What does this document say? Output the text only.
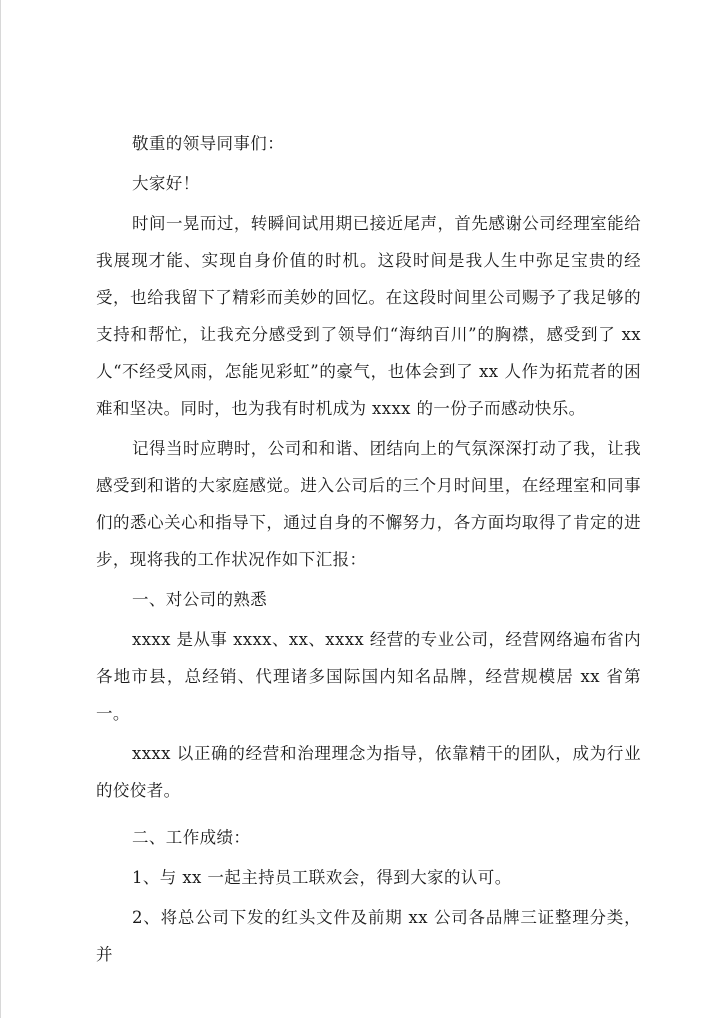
敬重的领导同事们：

大家好！

时间一晃而过，转瞬间试用期已接近尾声，首先感谢公司经理室能给我展现才能、实现自身价值的时机。这段时间是我人生中弥足宝贵的经受，也给我留下了精彩而美妙的回忆。在这段时间里公司赐予了我足够的支持和帮忙，让我充分感受到了领导们“海纳百川”的胸襟，感受到了 xx 人“不经受风雨，怎能见彩虹”的豪气，也体会到了 xx 人作为拓荒者的困难和坚决。同时，也为我有时机成为 xxxx 的一份子而感动快乐。

记得当时应聘时，公司和和谐、团结向上的气氛深深打动了我，让我感受到和谐的大家庭感觉。进入公司后的三个月时间里，在经理室和同事们的悉心关心和指导下，通过自身的不懈努力，各方面均取得了肯定的进步，现将我的工作状况作如下汇报：

一、对公司的熟悉

xxxx 是从事 xxxx、xx、xxxx 经营的专业公司，经营网络遍布省内各地市县，总经销、代理诸多国际国内知名品牌，经营规模居 xx 省第一。

xxxx 以正确的经营和治理理念为指导，依靠精干的团队，成为行业的佼佼者。

二、工作成绩：

1、与 xx 一起主持员工联欢会，得到大家的认可。

2、将总公司下发的红头文件及前期 xx 公司各品牌三证整理分类，并
